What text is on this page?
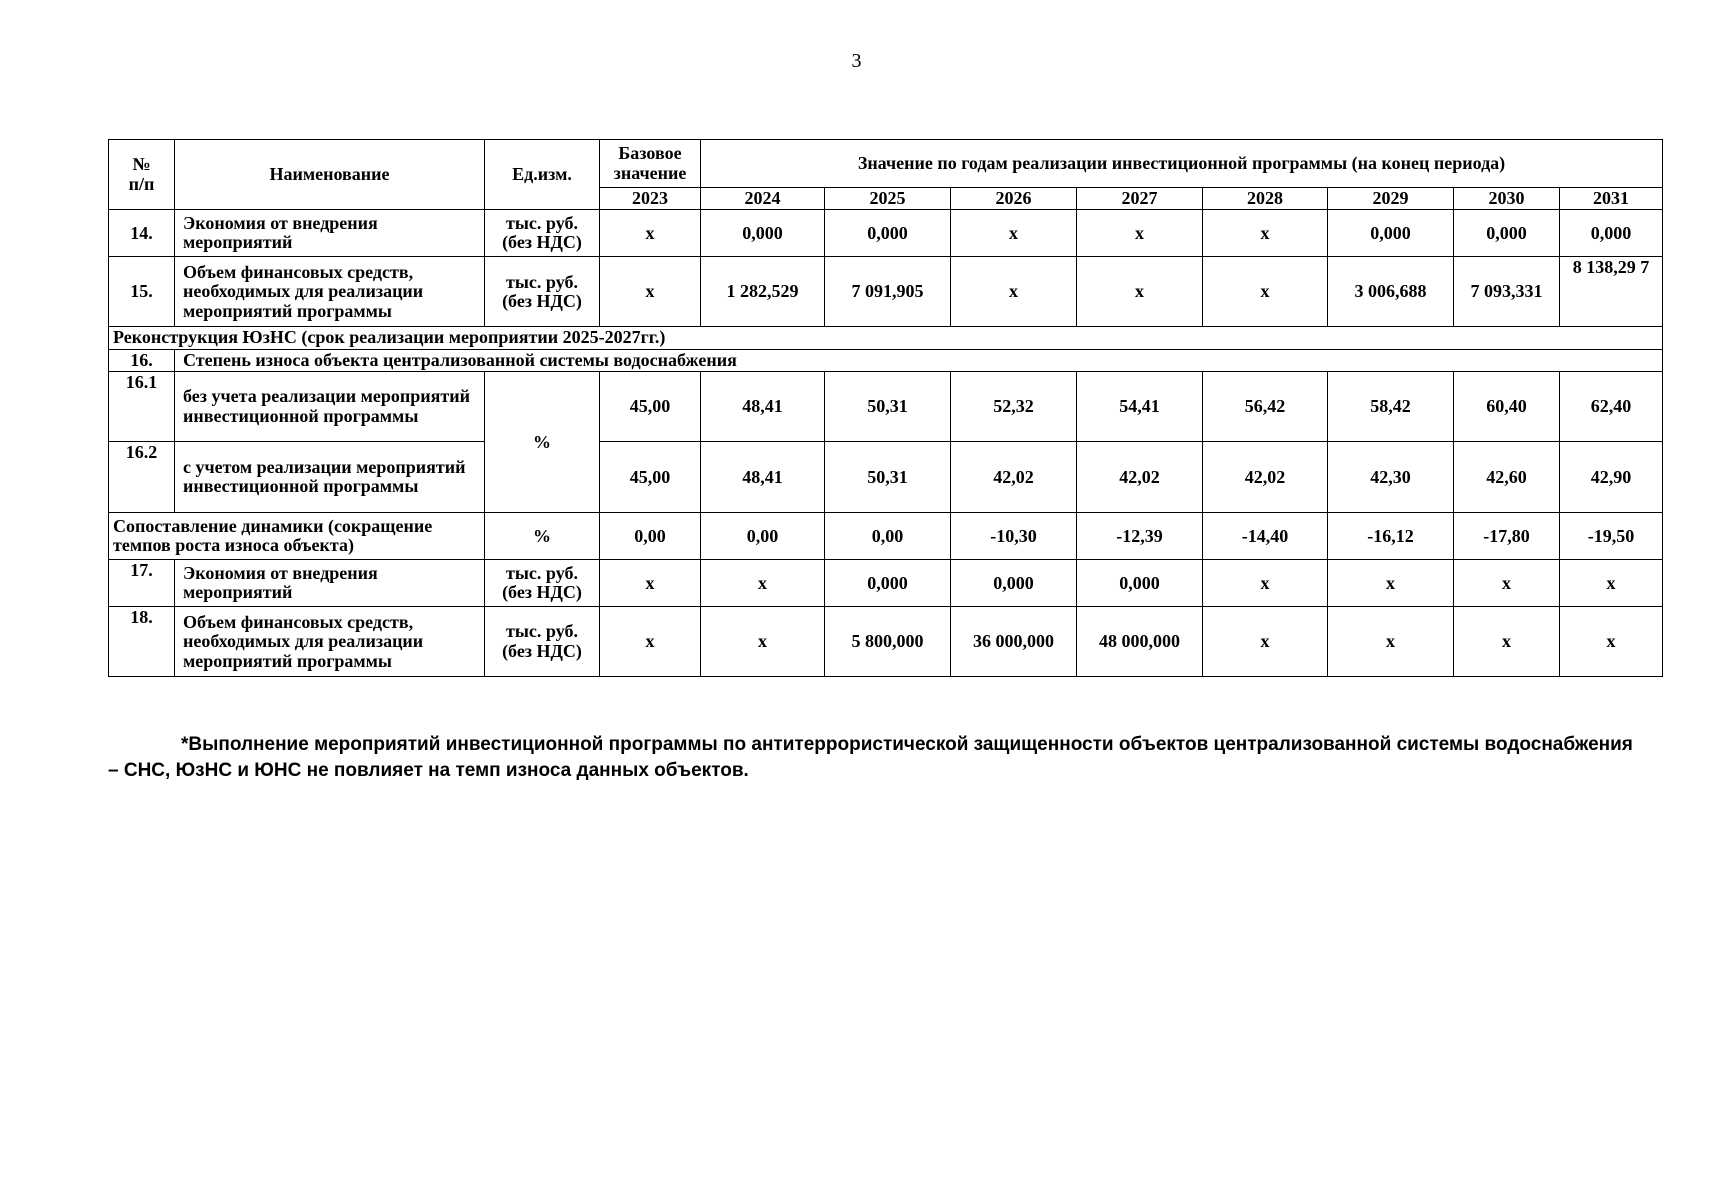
3
№
п/п	Наименование	Ед.изм.	Базовое значение	Значение по годам реализации инвестиционной программы (на конец периода)							
			2023	2024	2025	2026	2027	2028	2029	2030	2031
14.	Экономия от внедрения мероприятий	тыс. руб. (без НДС)	x	0,000	0,000	x	x	x	0,000	0,000	0,000
15.	Объем финансовых средств, необходимых для реализации мероприятий программы	тыс. руб. (без НДС)	x	1 282,529	7 091,905	x	x	x	3 006,688	7 093,331	8 138,29 7
Реконструкция ЮзНС (срок реализации мероприятии 2025-2027гг.)											
16.	Степень износа объекта централизованной системы водоснабжения										
16.1	без учета реализации мероприятий инвестиционной программы	%	45,00	48,41	50,31	52,32	54,41	56,42	58,42	60,40	62,40
16.2	с учетом реализации мероприятий инвестиционной программы		45,00	48,41	50,31	42,02	42,02	42,02	42,30	42,60	42,90
Сопоставление динамики (сокращение темпов роста износа объекта)		%	0,00	0,00	0,00	-10,30	-12,39	-14,40	-16,12	-17,80	-19,50
17.	Экономия от внедрения мероприятий	тыс. руб. (без НДС)	x	x	0,000	0,000	0,000	x	x	x	x
18.	Объем финансовых средств, необходимых для реализации мероприятий программы	тыс. руб. (без НДС)	x	x	5 800,000	36 000,000	48 000,000	x	x	x	x

*Выполнение мероприятий инвестиционной программы по антитеррористической защищенности объектов централизованной системы водоснабжения – СНС, ЮзНС и ЮНС не повлияет на темп износа данных объектов.
